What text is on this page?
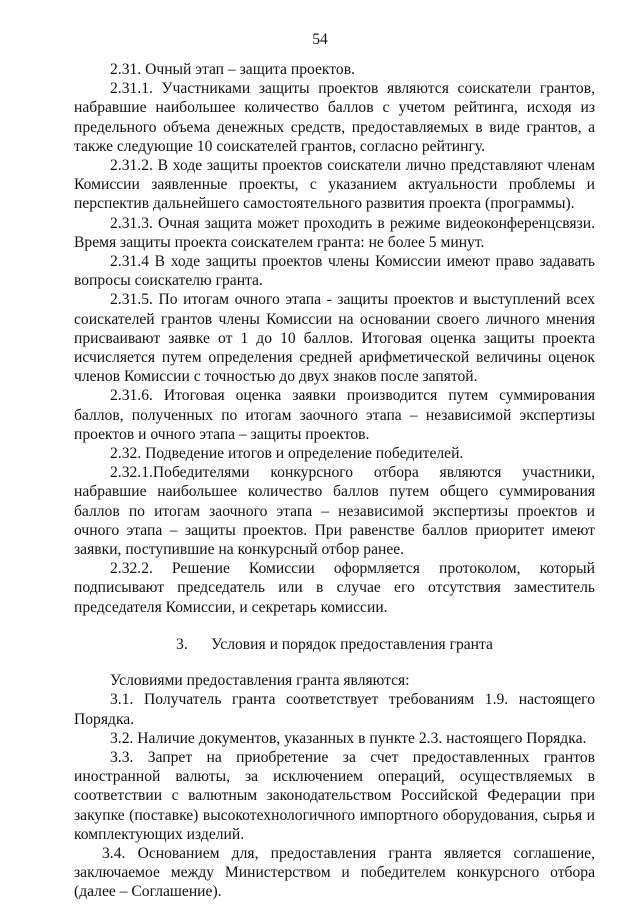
54

2.31. Очный этап – защита проектов.

2.31.1. Участниками защиты проектов являются соискатели грантов, набравшие наибольшее количество баллов с учетом рейтинга, исходя из предельного объема денежных средств, предоставляемых в виде грантов, а также следующие 10 соискателей грантов, согласно рейтингу.

2.31.2. В ходе защиты проектов соискатели лично представляют членам Комиссии заявленные проекты, с указанием актуальности проблемы и перспектив дальнейшего самостоятельного развития проекта (программы).

2.31.3. Очная защита может проходить в режиме видеоконференцсвязи. Время защиты проекта соискателем гранта: не более 5 минут.

2.31.4 В ходе защиты проектов члены Комиссии имеют право задавать вопросы соискателю гранта.

2.31.5. По итогам очного этапа - защиты проектов и выступлений всех соискателей грантов члены Комиссии на основании своего личного мнения присваивают заявке от 1 до 10 баллов. Итоговая оценка защиты проекта исчисляется путем определения средней арифметической величины оценок членов Комиссии с точностью до двух знаков после запятой.

2.31.6. Итоговая оценка заявки производится путем суммирования баллов, полученных по итогам заочного этапа – независимой экспертизы проектов и очного этапа – защиты проектов.

2.32. Подведение итогов и определение победителей.

2.32.1.Победителями конкурсного отбора являются участники, набравшие наибольшее количество баллов путем общего суммирования баллов по итогам заочного этапа – независимой экспертизы проектов и очного этапа – защиты проектов. При равенстве баллов приоритет имеют заявки, поступившие на конкурсный отбор ранее.

2.32.2. Решение Комиссии оформляется протоколом, который подписывают председатель или в случае его отсутствия заместитель председателя Комиссии, и секретарь комиссии.

3.      Условия и порядок предоставления гранта

Условиями предоставления гранта являются:

3.1. Получатель гранта соответствует требованиям 1.9. настоящего Порядка.

3.2. Наличие документов, указанных в пункте 2.3. настоящего Порядка.

3.3. Запрет на приобретение за счет предоставленных грантов иностранной валюты, за исключением операций, осуществляемых в соответствии с валютным законодательством Российской Федерации при закупке (поставке) высокотехнологичного импортного оборудования, сырья и комплектующих изделий.

3.4. Основанием для, предоставления гранта является соглашение, заключаемое между Министерством и победителем конкурсного отбора (далее – Соглашение).
